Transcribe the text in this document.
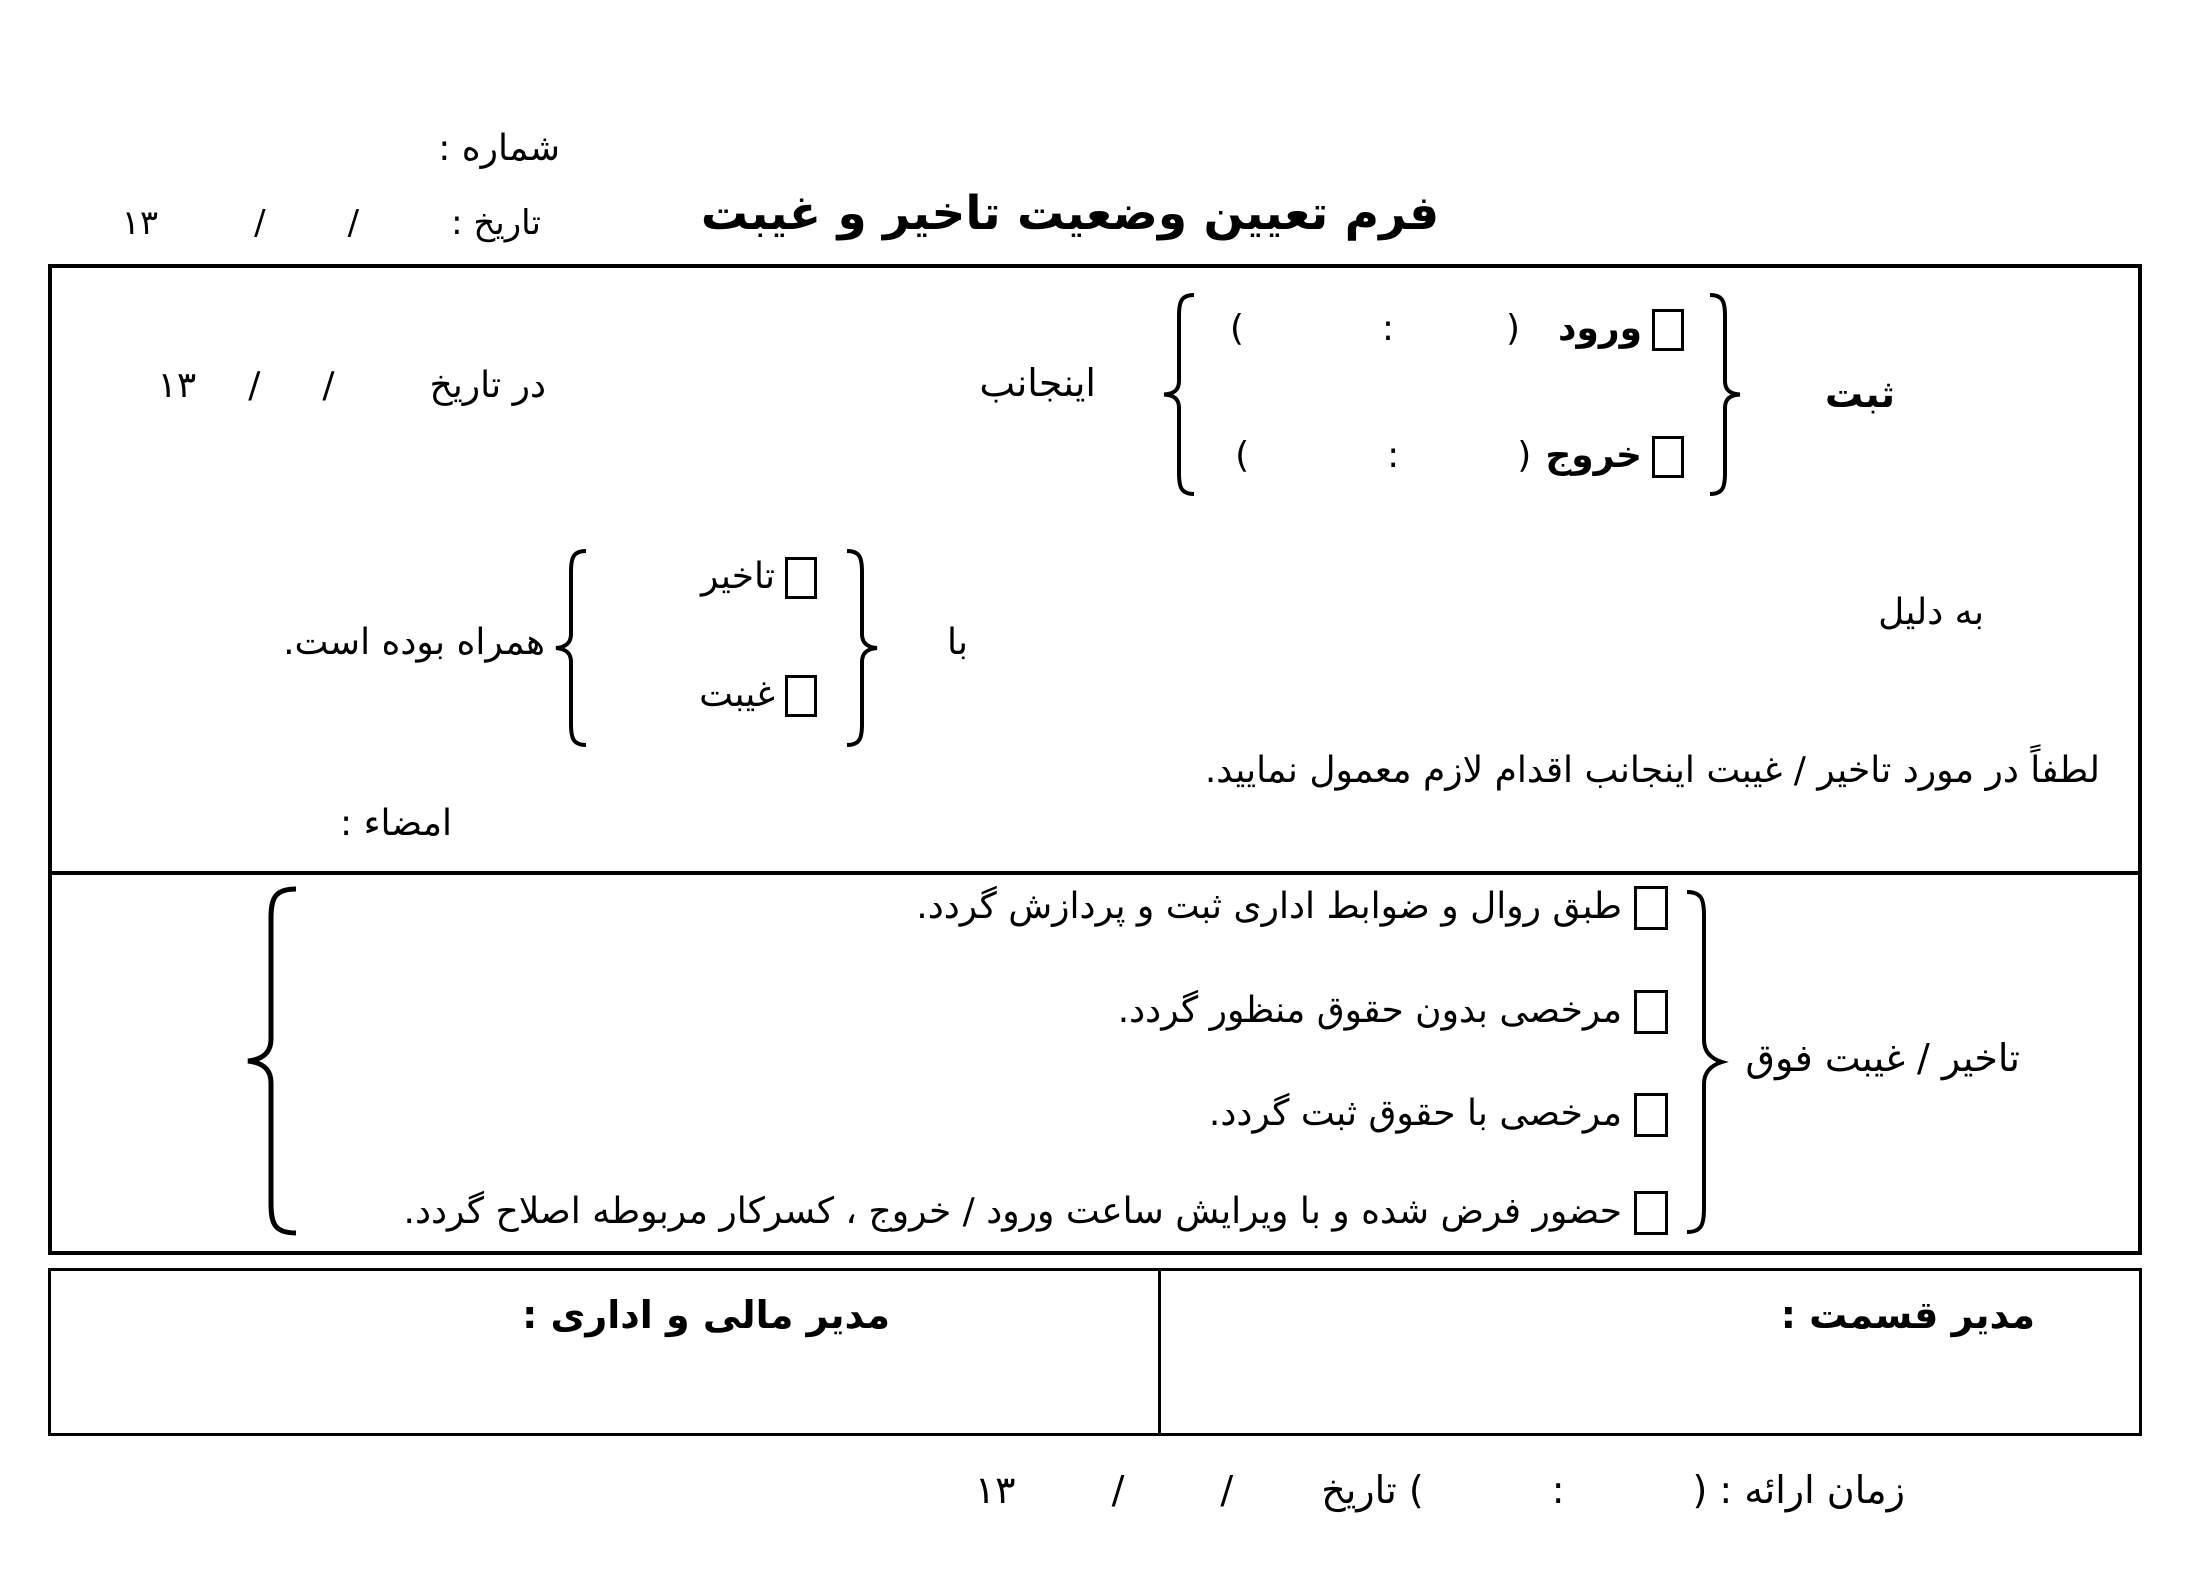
شماره :
فرم تعیین وضعیت تاخیر و غیبت
تاریخ ://۱۳
ثبت
ورود(:)
خروج(:)
اینجانب
در تاریخ//۱۳
به دلیل
با
تاخیر
غیبت
همراه بوده است.
لطفاً در مورد تاخیر / غیبت اینجانب اقدام لازم معمول نمایید.
امضاء :
طبق روال و ضوابط اداری ثبت و پردازش گردد.
مرخصی بدون حقوق منظور گردد.
مرخصی با حقوق ثبت گردد.
حضور فرض شده و با ویرایش ساعت ورود / خروج ، کسرکار مربوطه اصلاح گردد.
تاخیر / غیبت فوق
مدیر قسمت :
مدیر مالی و اداری :
زمان ارائه : (:) تاریخ//۱۳
